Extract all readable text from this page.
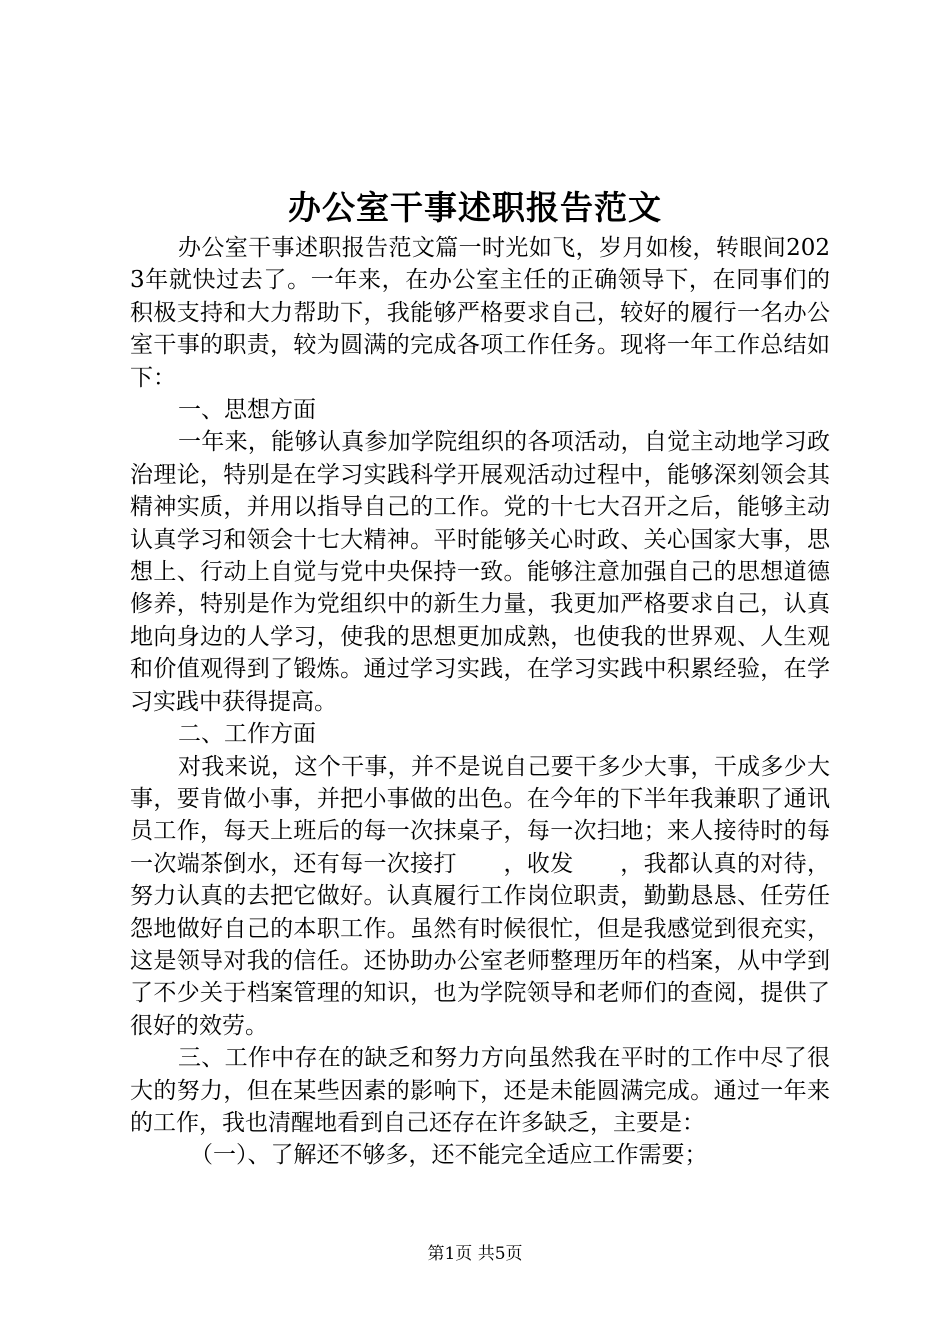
办公室干事述职报告范文

办公室干事述职报告范文篇一时光如飞，岁月如梭，转眼间2023年就快过去了。一年来，在办公室主任的正确领导下，在同事们的积极支持和大力帮助下，我能够严格要求自己，较好的履行一名办公室干事的职责，较为圆满的完成各项工作任务。现将一年工作总结如下：

一、思想方面

一年来，能够认真参加学院组织的各项活动，自觉主动地学习政治理论，特别是在学习实践科学开展观活动过程中，能够深刻领会其精神实质，并用以指导自己的工作。党的十七大召开之后，能够主动认真学习和领会十七大精神。平时能够关心时政、关心国家大事，思想上、行动上自觉与党中央保持一致。能够注意加强自己的思想道德修养，特别是作为党组织中的新生力量，我更加严格要求自己，认真地向身边的人学习，使我的思想更加成熟，也使我的世界观、人生观和价值观得到了锻炼。通过学习实践，在学习实践中积累经验，在学习实践中获得提高。

二、工作方面

对我来说，这个干事，并不是说自己要干多少大事，干成多少大事，要肯做小事，并把小事做的出色。在今年的下半年我兼职了通讯员工作，每天上班后的每一次抹桌子，每一次扫地；来人接待时的每一次端茶倒水，还有每一次接打　　，收发　　，我都认真的对待，努力认真的去把它做好。认真履行工作岗位职责，勤勤恳恳、任劳任怨地做好自己的本职工作。虽然有时候很忙，但是我感觉到很充实，这是领导对我的信任。还协助办公室老师整理历年的档案，从中学到了不少关于档案管理的知识，也为学院领导和老师们的查阅，提供了很好的效劳。

三、工作中存在的缺乏和努力方向虽然我在平时的工作中尽了很大的努力，但在某些因素的影响下，还是未能圆满完成。通过一年来的工作，我也清醒地看到自己还存在许多缺乏，主要是：

（一）、了解还不够多，还不能完全适应工作需要；

第1页 共5页
